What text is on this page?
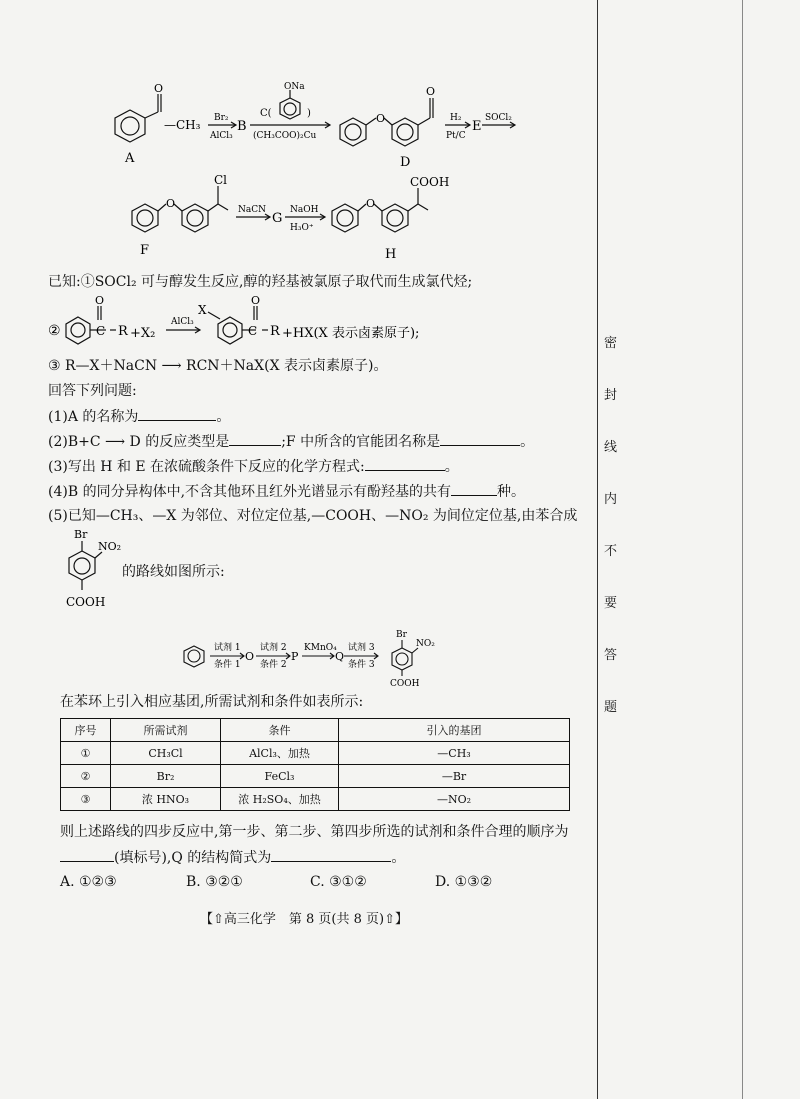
O
—CH₃
A
Br₂
AlCl₃
B
C(	)
ONa
(CH₃COO)₂Cu
O
O
D
H₂
Pt/C
E
SOCl₂
O
Cl
F
NaCN
G
NaOH
H₃O⁺
O
COOH
H
已知:①SOCl₂ 可与醇发生反应,醇的羟基被氯原子取代而生成氯代烃;
②
O
C R +X₂
AlCl₃
X
O
C R +HX(X 表示卤素原子);
③ R—X＋NaCN ⟶ RCN＋NaX(X 表示卤素原子)。
回答下列问题:
(1)A 的名称为	。
(2)B+C ⟶ D 的反应类型是	;F 中所含的官能团名称是	。
(3)写出 H 和 E 在浓硫酸条件下反应的化学方程式:	。
(4)B 的同分异构体中,不含其他环且红外光谱显示有酚羟基的共有	种。
(5)已知—CH₃、—X 为邻位、对位定位基,—COOH、—NO₂ 为间位定位基,由苯合成
Br
NO₂
COOH
的路线如图所示:
试剂 1
条件 1
O
试剂 2
条件 2
P
KMnO₄
Q
试剂 3
条件 3
Br
NO₂
COOH
在苯环上引入相应基团,所需试剂和条件如表所示:
序号	所需试剂	条件	引入的基团
①	CH₃Cl	AlCl₃、加热	—CH₃
②	Br₂	FeCl₃	—Br
③	浓 HNO₃	浓 H₂SO₄、加热	—NO₂
则上述路线的四步反应中,第一步、第二步、第四步所选的试剂和条件合理的顺序为
(填标号),Q 的结构简式为	。
A. ①②③	B. ③②①	C. ③①②	D. ①③②
【⇧高三化学　第 8 页(共 8 页)⇧】
密
封
线
内
不
要
答
题
